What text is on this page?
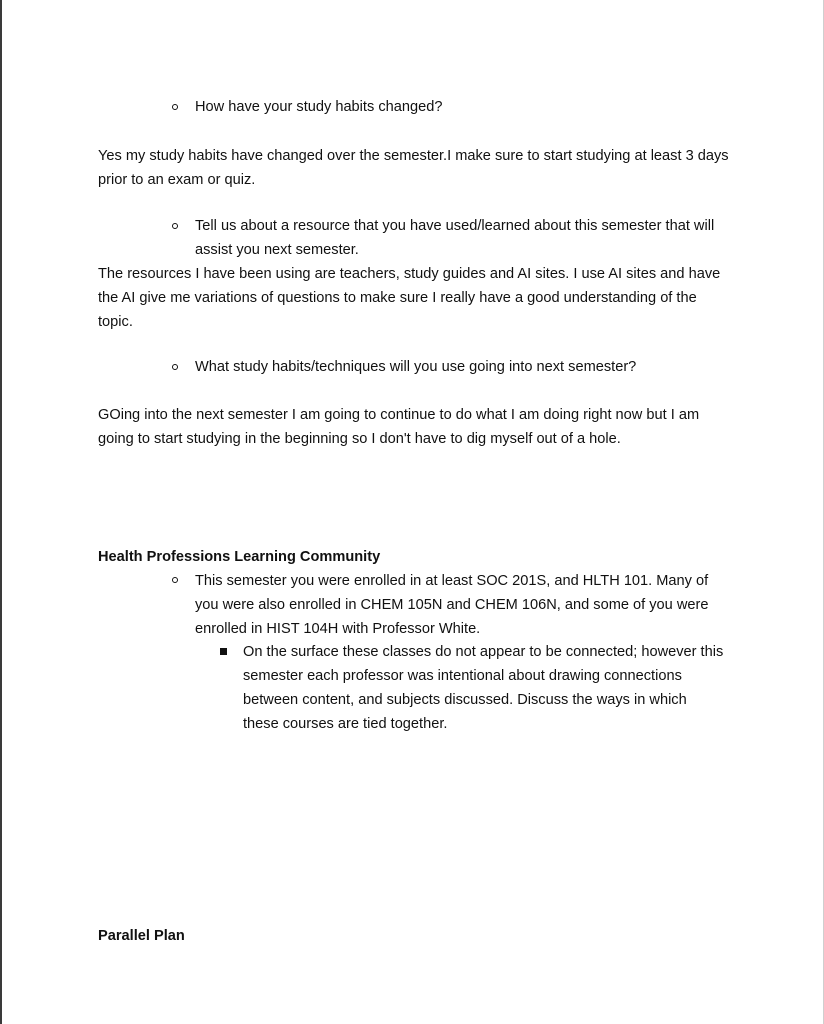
How have your study habits changed?
Yes my study habits have changed over the semester.I make sure to start studying at least 3 days
prior to an exam or quiz.
Tell us about a resource that you have used/learned about this semester that will
assist you next semester.
The resources I have been using are teachers, study guides and AI sites. I use AI sites and have
the AI give me variations of questions to make sure I really have a good understanding of the
topic.
What study habits/techniques will you use going into next semester?
GOing into the next semester I am going to continue to do what I am doing right now but I am
going to start studying in the beginning so I don't have to dig myself out of a hole.
Health Professions Learning Community
This semester you were enrolled in at least SOC 201S, and HLTH 101. Many of
you were also enrolled in CHEM 105N and CHEM 106N, and some of you were
enrolled in HIST 104H with Professor White.
On the surface these classes do not appear to be connected; however this
semester each professor was intentional about drawing connections
between content, and subjects discussed. Discuss the ways in which
these courses are tied together.
Parallel Plan
